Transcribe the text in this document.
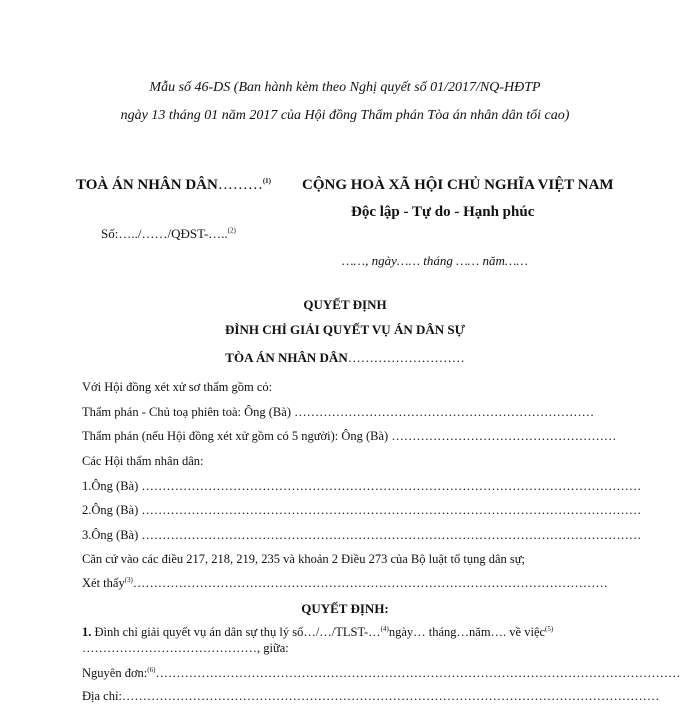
Mẫu số 46-DS (Ban hành kèm theo Nghị quyết số 01/2017/NQ-HĐTP
ngày 13 tháng 01 năm 2017 của Hội đồng Thẩm phán Tòa án nhân dân tối cao)
TOÀ ÁN NHÂN DÂN………$^{(1)}$
Số:…../……/QĐST-…..$^{(2)}$
CỘNG HOÀ XÃ HỘI CHỦ NGHĨA VIỆT NAM
Độc lập - Tự do - Hạnh phúc
……, ngày…… tháng …… năm……
QUYẾT ĐỊNH
ĐÌNH CHỈ GIẢI QUYẾT VỤ ÁN DÂN SỰ
TÒA ÁN NHÂN DÂN………………………
Với Hội đồng xét xử sơ thẩm gồm có:
Thẩm phán - Chủ toạ phiên toà: Ông (Bà) ………………………………………………………………
Thẩm phán (nếu Hội đồng xét xử gồm có 5 người): Ông (Bà) ………………………………………………
Các Hội thẩm nhân dân:
1.Ông (Bà) …………………………………………………………………………………………………………
2.Ông (Bà) …………………………………………………………………………………………………………
3.Ông (Bà) …………………………………………………………………………………………………………
Căn cứ vào các điều 217, 218, 219, 235 và khoản 2 Điều 273 của Bộ luật tố tụng dân sự;
Xét thấy$^{(3)}$……………………………………………………………………………………………………
QUYẾT ĐỊNH:
1. Đình chỉ giải quyết vụ án dân sự thụ lý số…/…/TLST-…$^{(4)}$ngày… tháng…năm…. về việc$^{(5)}$
……………………………………, giữa:
Nguyên đơn:$^{(6)}$………………………………………………………………………………………………………………
Địa chỉ:…………………………………………………………………………………………………………………
